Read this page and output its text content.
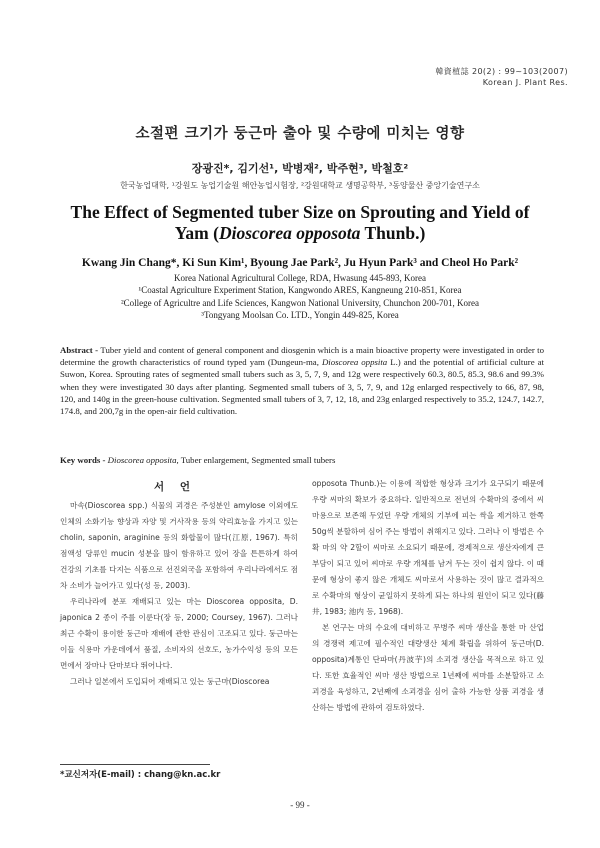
韓資植誌 20(2) : 99~103(2007)
Korean J. Plant Res.
소절편 크기가 둥근마 출아 및 수량에 미치는 영향
장광진*, 김기선¹, 박병재², 박주현³, 박철호²
한국농업대학, ¹강원도 농업기술원 해안농업시험장, ²강원대학교 생명공학부, ³동양물산 중앙기술연구소
The Effect of Segmented tuber Size on Sprouting and Yield of
Yam (Dioscorea opposota Thunb.)
Kwang Jin Chang*, Ki Sun Kim¹, Byoung Jae Park², Ju Hyun Park³ and Cheol Ho Park²
Korea National Agricultural College, RDA, Hwasung 445-893, Korea
¹Coastal Agriculture Experiment Station, Kangwondo ARES, Kangneung 210-851, Korea
²College of Agricultre and Life Sciences, Kangwon National University, Chunchon 200-701, Korea
³Tongyang Moolsan Co. LTD., Yongin 449-825, Korea
Abstract - Tuber yield and content of general component and diosgenin which is a main bioactive property were investigated in order to determine the growth characteristics of round typed yam (Dungeun-ma, Dioscorea oppsita L.) and the potential of artificial culture at Suwon, Korea. Sprouting rates of segmented small tubers such as 3, 5, 7, 9, and 12g were respectively 60.3, 80.5, 85.3, 98.6 and 99.3% when they were investigated 30 days after planting. Segmented small tubers of 3, 5, 7, 9, and 12g enlarged respectively to 66, 87, 98, 120, and 140g in the green-house cultivation. Segmented small tubers of 3, 7, 12, 18, and 23g enlarged respectively to 35.2, 124.7, 142.7, 174.8, and 200,7g in the open-air field cultivation.
Key words - Dioscorea opposita, Tuber enlargement, Segmented small tubers
서 언

마속(Dioscorea spp.) 식물의 괴경은 주성분인 amylose 이외에도 인체의 소화기능 향상과 자양 및 거사작용 등의 약리효능을 가지고 있는 cholin, saponin, araginine 등의 화합물이 많다(江原, 1967). 특히 점액성 당류인 mucin 성분을 많이 함유하고 있어 장을 튼튼하게 하여 건강의 기초를 다지는 식품으로 선진외국을 포함하여 우리나라에서도 점차 소비가 늘어가고 있다(성 등, 2003).

우리나라에 분포 재배되고 있는 마는 Dioscorea opposita, D. japonica 2 종이 주를 이룬다(장 등, 2000; Coursey, 1967). 그러나 최근 수확이 용이한 둥근마 재배에 관한 관심이 고조되고 있다. 둥근마는 이들 식용마 가운데에서 품질, 소비자의 선호도, 농가수익성 등의 모든 면에서 장마나 단마보다 뛰어나다.

그러나 일본에서 도입되어 재배되고 있는 둥근마(Dioscorea

opposota Thunb.)는 이용에 적합한 형상과 크기가 요구되기 때문에 우량 씨마의 확보가 중요하다. 일반적으로 전년의 수확마의 중에서 씨마용으로 보존해 두었던 우량 개체의 기부에 피는 싹을 제거하고 한쪽 50g씩 분할하여 심어 주는 방법이 취해지고 있다. 그러나 이 방법은 수확 마의 약 2할이 씨마로 소요되기 때문에, 경제적으로 생산자에게 큰 부담이 되고 있어 씨마로 우량 개체를 남겨 두는 것이 쉽지 않다. 이 때문에 형상이 좋지 않은 개체도 씨마로서 사용하는 것이 많고 결과적으로 수확마의 형상이 균일하지 못하게 되는 하나의 원인이 되고 있다(藤井, 1983; 池内 등, 1968).

본 연구는 마의 수요에 대비하고 무병주 씨마 생산을 통한 마 산업의 경쟁력 제고에 필수적인 대량생산 체계 확립을 위하여 둥근마(D. opposita)계통인 단파마(丹波芋)의 소괴경 생산을 목적으로 하고 있다. 또한 효율적인 씨마 생산 방법으로 1년째에 씨마를 소분할하고 소괴경을 육성하고, 2년째에 소괴경을 심어 출하 가능한 상품 괴경을 생산하는 방법에 관하여 검토하였다.

*교신저자(E-mail) : chang@kn.ac.kr
- 99 -
